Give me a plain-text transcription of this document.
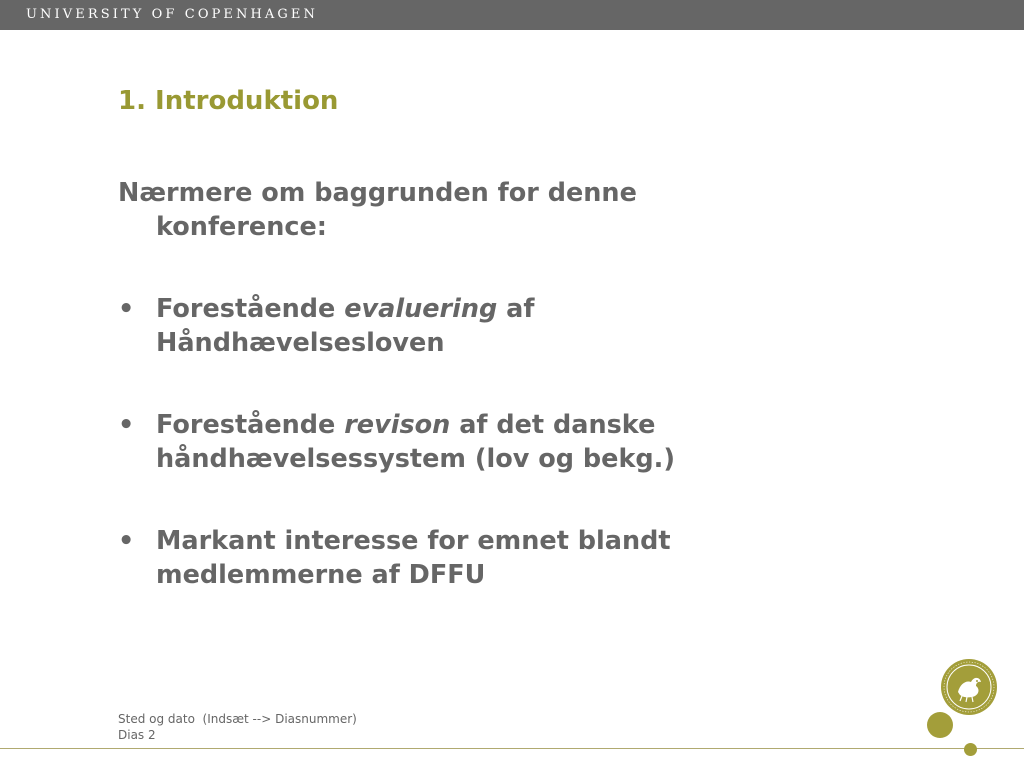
UNIVERSITY OF COPENHAGEN
1. Introduktion

Nærmere om baggrunden for denne konference:

• Forestående evaluering af Håndhævelsesloven
• Forestående revison af det danske håndhævelsessystem (lov og bekg.)
• Markant interesse for emnet blandt medlemmerne af DFFU
Sted og dato  (Indsæt --> Diasnummer)
Dias 2
